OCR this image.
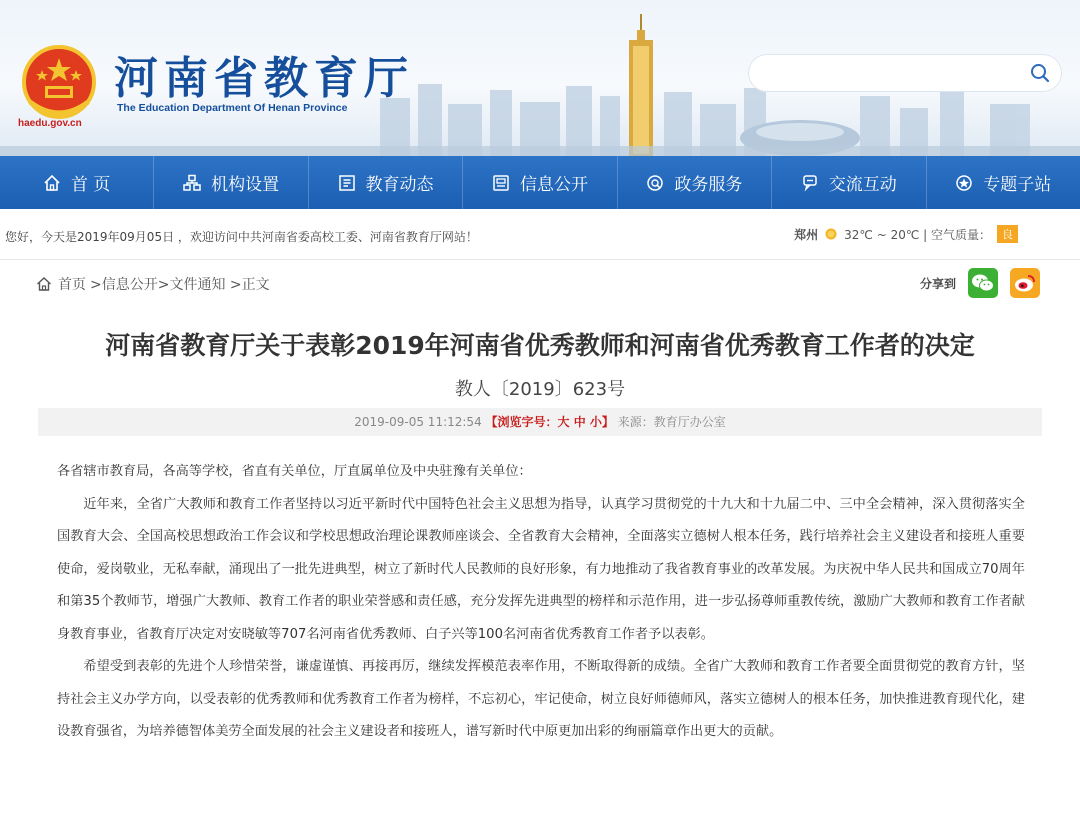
haedu.gov.cn
河南省教育厅
The Education Department Of Henan Province
首 页	机构设置	教育动态	信息公开	政务服务	交流互动	专题子站
您好，今天是2019年09月05日 ，欢迎访问中共河南省委高校工委、河南省教育厅网站！	郑州 32℃ ~ 20℃ | 空气质量：	良
首页 >信息公开>文件通知 >正文	分享到
河南省教育厅关于表彰2019年河南省优秀教师和河南省优秀教育工作者的决定
教人〔2019〕623号
2019-09-05 11:12:54 【浏览字号：大 中 小】 来源：教育厅办公室

各省辖市教育局，各高等学校，省直有关单位，厅直属单位及中央驻豫有关单位：

近年来，全省广大教师和教育工作者坚持以习近平新时代中国特色社会主义思想为指导，认真学习贯彻党的十九大和十九届二中、三中全会精神，深入贯彻落实全国教育大会、全国高校思想政治工作会议和学校思想政治理论课教师座谈会、全省教育大会精神，全面落实立德树人根本任务，践行培养社会主义建设者和接班人重要使命，爱岗敬业，无私奉献，涌现出了一批先进典型，树立了新时代人民教师的良好形象，有力地推动了我省教育事业的改革发展。为庆祝中华人民共和国成立70周年和第35个教师节，增强广大教师、教育工作者的职业荣誉感和责任感，充分发挥先进典型的榜样和示范作用，进一步弘扬尊师重教传统，激励广大教师和教育工作者献身教育事业，省教育厅决定对安晓敏等707名河南省优秀教师、白子兴等100名河南省优秀教育工作者予以表彰。

希望受到表彰的先进个人珍惜荣誉，谦虚谨慎、再接再厉，继续发挥模范表率作用，不断取得新的成绩。全省广大教师和教育工作者要全面贯彻党的教育方针，坚持社会主义办学方向，以受表彰的优秀教师和优秀教育工作者为榜样，不忘初心，牢记使命，树立良好师德师风，落实立德树人的根本任务，加快推进教育现代化，建设教育强省，为培养德智体美劳全面发展的社会主义建设者和接班人，谱写新时代中原更加出彩的绚丽篇章作出更大的贡献。
